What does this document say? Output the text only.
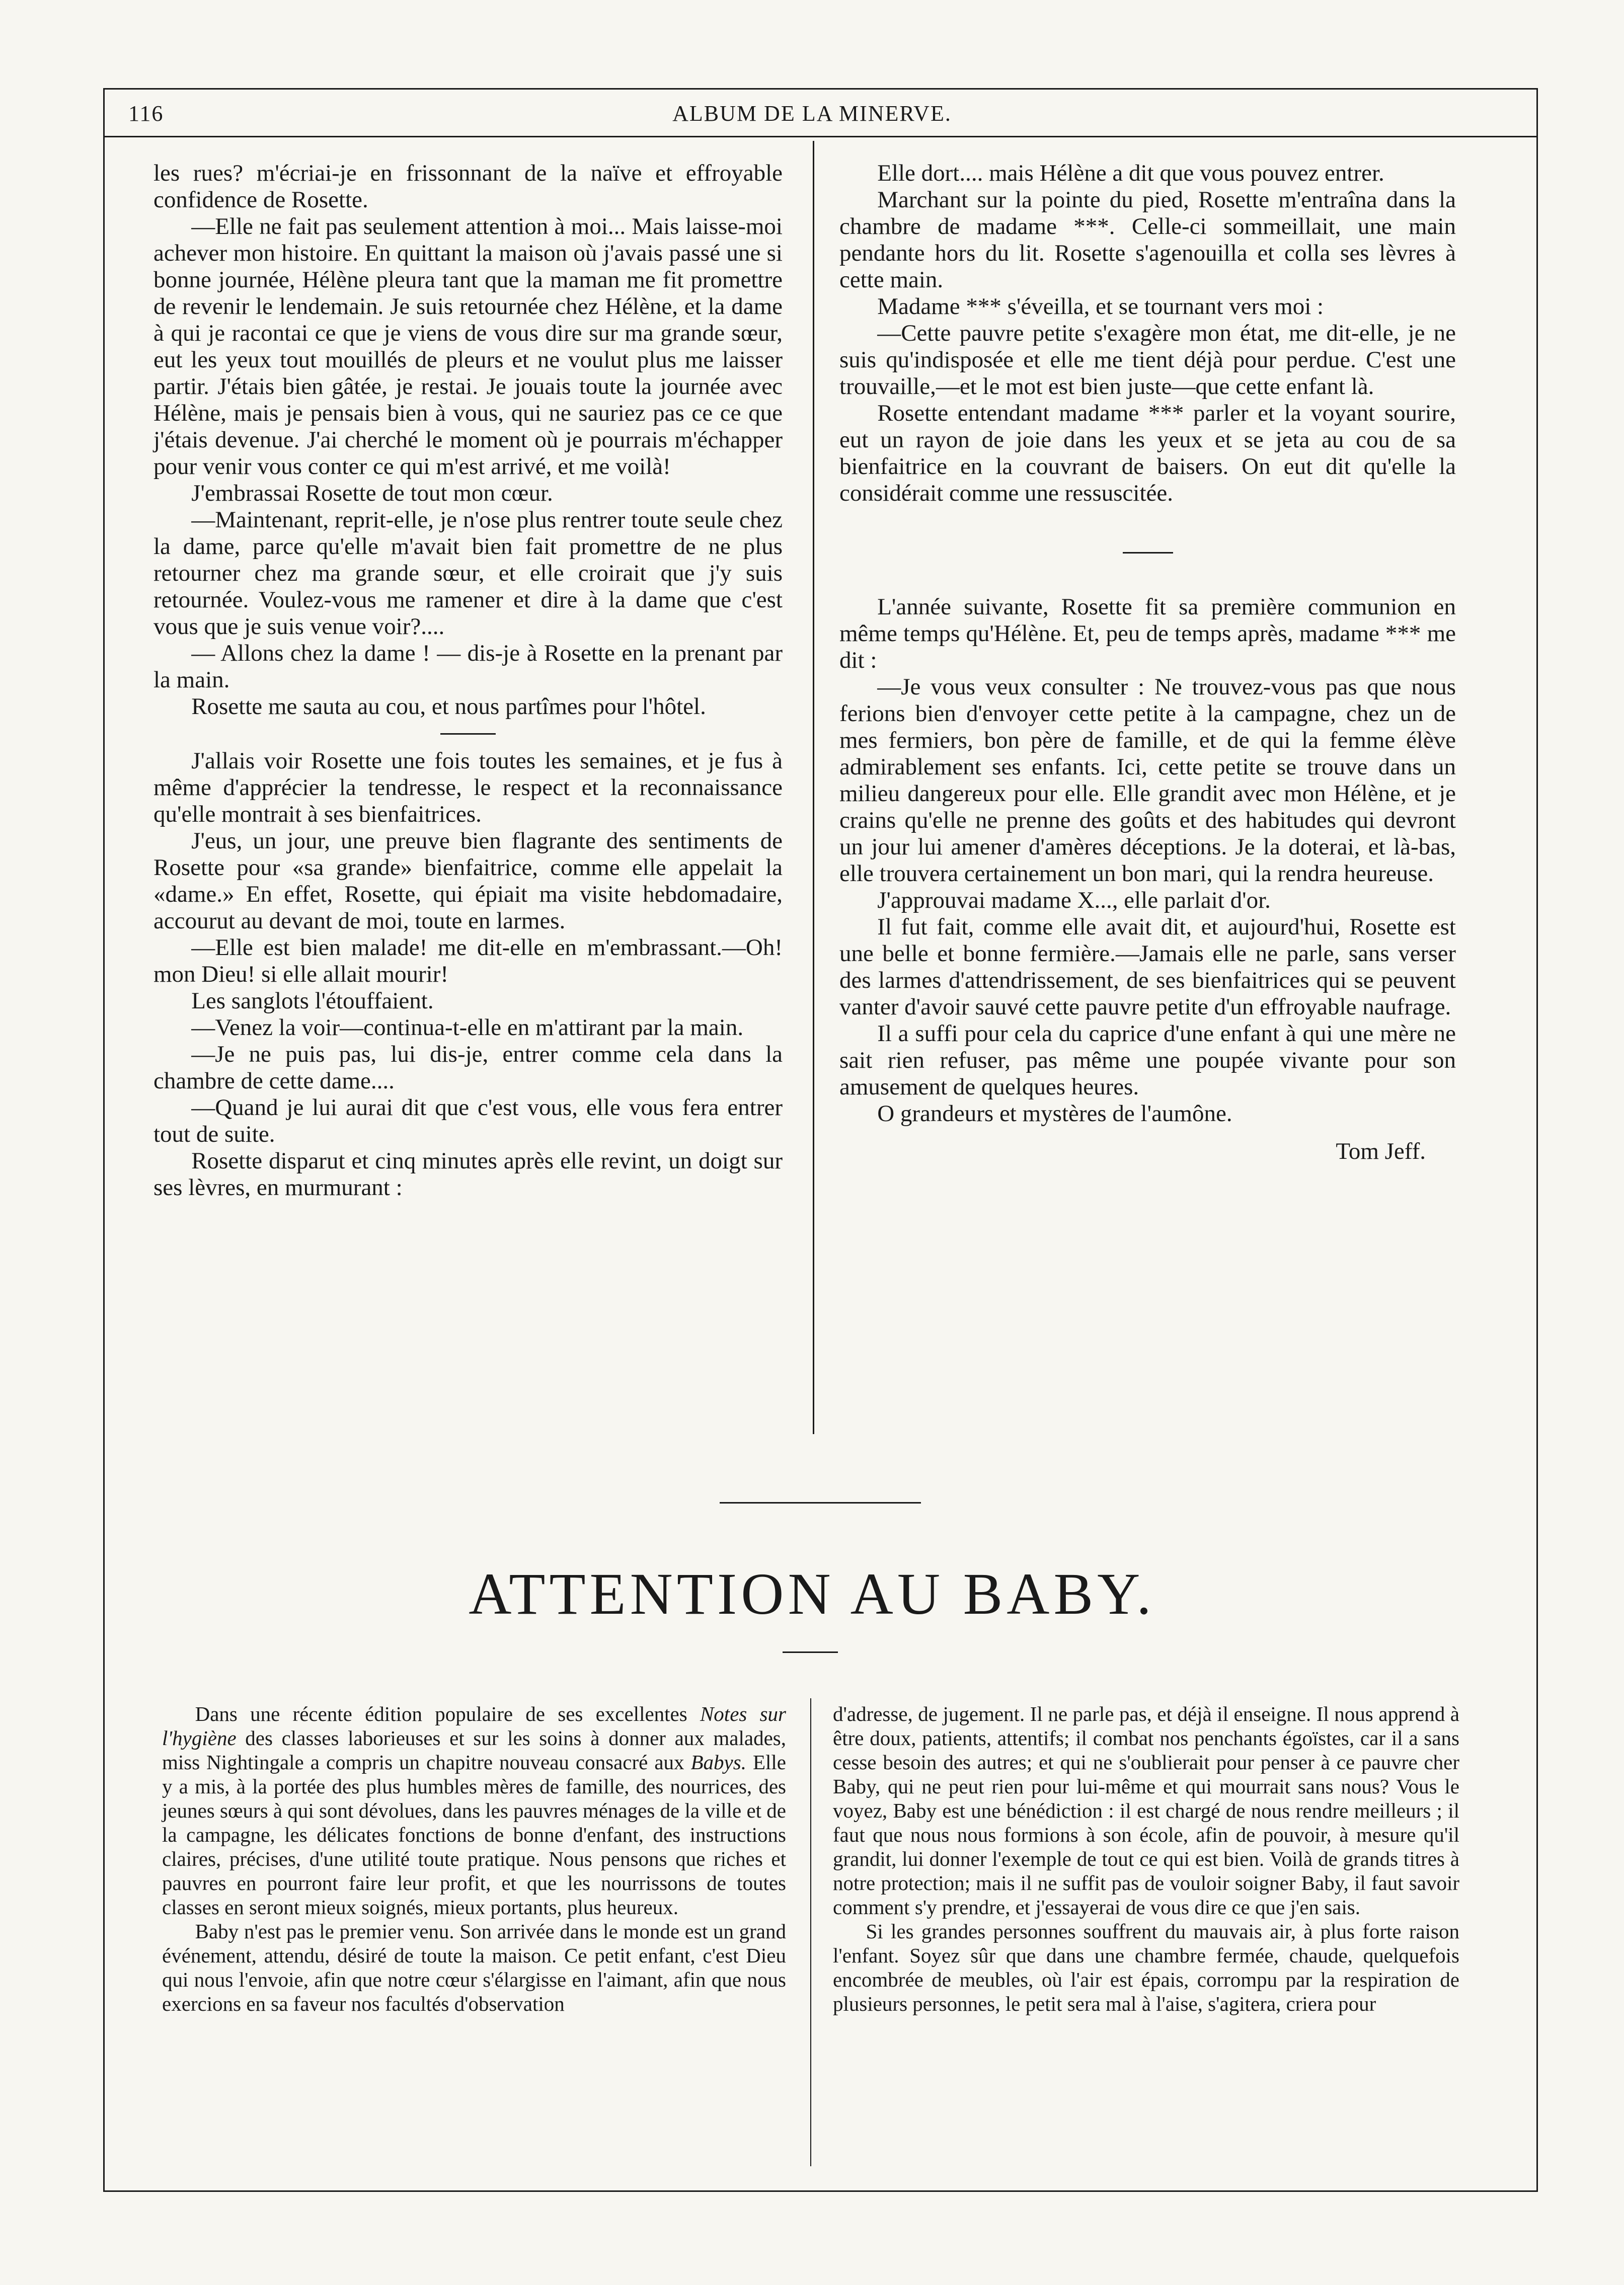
116	ALBUM DE LA MINERVE.

les rues? m'écriai-je en frissonnant de la naïve et effroyable confidence de Rosette.

—Elle ne fait pas seulement attention à moi... Mais laisse-moi achever mon histoire. En quittant la maison où j'avais passé une si bonne journée, Hélène pleura tant que la maman me fit promettre de revenir le lendemain. Je suis retournée chez Hélène, et la dame à qui je racontai ce que je viens de vous dire sur ma grande sœur, eut les yeux tout mouillés de pleurs et ne voulut plus me laisser partir. J'étais bien gâtée, je restai. Je jouais toute la journée avec Hélène, mais je pensais bien à vous, qui ne sauriez pas ce ce que j'étais devenue. J'ai cherché le moment où je pourrais m'échapper pour venir vous conter ce qui m'est arrivé, et me voilà!

J'embrassai Rosette de tout mon cœur.

—Maintenant, reprit-elle, je n'ose plus rentrer toute seule chez la dame, parce qu'elle m'avait bien fait promettre de ne plus retourner chez ma grande sœur, et elle croirait que j'y suis retournée. Voulez-vous me ramener et dire à la dame que c'est vous que je suis venue voir?....

— Allons chez la dame ! — dis-je à Rosette en la prenant par la main.

Rosette me sauta au cou, et nous partîmes pour l'hôtel.

J'allais voir Rosette une fois toutes les semaines, et je fus à même d'apprécier la tendresse, le respect et la reconnaissance qu'elle montrait à ses bienfaitrices.

J'eus, un jour, une preuve bien flagrante des sentiments de Rosette pour «sa grande» bienfaitrice, comme elle appelait la «dame.» En effet, Rosette, qui épiait ma visite hebdomadaire, accourut au devant de moi, toute en larmes.

—Elle est bien malade! me dit-elle en m'embrassant.—Oh! mon Dieu! si elle allait mourir!

Les sanglots l'étouffaient.

—Venez la voir—continua-t-elle en m'attirant par la main.

—Je ne puis pas, lui dis-je, entrer comme cela dans la chambre de cette dame....

—Quand je lui aurai dit que c'est vous, elle vous fera entrer tout de suite.

Rosette disparut et cinq minutes après elle revint, un doigt sur ses lèvres, en murmurant :

Elle dort.... mais Hélène a dit que vous pouvez entrer.

Marchant sur la pointe du pied, Rosette m'entraîna dans la chambre de madame ***. Celle-ci sommeillait, une main pendante hors du lit. Rosette s'agenouilla et colla ses lèvres à cette main.

Madame *** s'éveilla, et se tournant vers moi :

—Cette pauvre petite s'exagère mon état, me dit-elle, je ne suis qu'indisposée et elle me tient déjà pour perdue. C'est une trouvaille,—et le mot est bien juste—que cette enfant là.

Rosette entendant madame *** parler et la voyant sourire, eut un rayon de joie dans les yeux et se jeta au cou de sa bienfaitrice en la couvrant de baisers. On eut dit qu'elle la considérait comme une ressuscitée.

L'année suivante, Rosette fit sa première communion en même temps qu'Hélène. Et, peu de temps après, madame *** me dit :

—Je vous veux consulter : Ne trouvez-vous pas que nous ferions bien d'envoyer cette petite à la campagne, chez un de mes fermiers, bon père de famille, et de qui la femme élève admirablement ses enfants. Ici, cette petite se trouve dans un milieu dangereux pour elle. Elle grandit avec mon Hélène, et je crains qu'elle ne prenne des goûts et des habitudes qui devront un jour lui amener d'amères déceptions. Je la doterai, et là-bas, elle trouvera certainement un bon mari, qui la rendra heureuse.

J'approuvai madame X..., elle parlait d'or.

Il fut fait, comme elle avait dit, et aujourd'hui, Rosette est une belle et bonne fermière.—Jamais elle ne parle, sans verser des larmes d'attendrissement, de ses bienfaitrices qui se peuvent vanter d'avoir sauvé cette pauvre petite d'un effroyable naufrage.

Il a suffi pour cela du caprice d'une enfant à qui une mère ne sait rien refuser, pas même une poupée vivante pour son amusement de quelques heures.

O grandeurs et mystères de l'aumône.

Tom Jeff.

ATTENTION AU BABY.

Dans une récente édition populaire de ses excellentes Notes sur l'hygiène des classes laborieuses et sur les soins à donner aux malades, miss Nightingale a compris un chapitre nouveau consacré aux Babys. Elle y a mis, à la portée des plus humbles mères de famille, des nourrices, des jeunes sœurs à qui sont dévolues, dans les pauvres ménages de la ville et de la campagne, les délicates fonctions de bonne d'enfant, des instructions claires, précises, d'une utilité toute pratique. Nous pensons que riches et pauvres en pourront faire leur profit, et que les nourrissons de toutes classes en seront mieux soignés, mieux portants, plus heureux.

Baby n'est pas le premier venu. Son arrivée dans le monde est un grand événement, attendu, désiré de toute la maison. Ce petit enfant, c'est Dieu qui nous l'envoie, afin que notre cœur s'élargisse en l'aimant, afin que nous exercions en sa faveur nos facultés d'observation

d'adresse, de jugement. Il ne parle pas, et déjà il enseigne. Il nous apprend à être doux, patients, attentifs; il combat nos penchants égoïstes, car il a sans cesse besoin des autres; et qui ne s'oublierait pour penser à ce pauvre cher Baby, qui ne peut rien pour lui-même et qui mourrait sans nous? Vous le voyez, Baby est une bénédiction : il est chargé de nous rendre meilleurs ; il faut que nous nous formions à son école, afin de pouvoir, à mesure qu'il grandit, lui donner l'exemple de tout ce qui est bien. Voilà de grands titres à notre protection; mais il ne suffit pas de vouloir soigner Baby, il faut savoir comment s'y prendre, et j'essayerai de vous dire ce que j'en sais.

Si les grandes personnes souffrent du mauvais air, à plus forte raison l'enfant. Soyez sûr que dans une chambre fermée, chaude, quelquefois encombrée de meubles, où l'air est épais, corrompu par la respiration de plusieurs personnes, le petit sera mal à l'aise, s'agitera, criera pour
